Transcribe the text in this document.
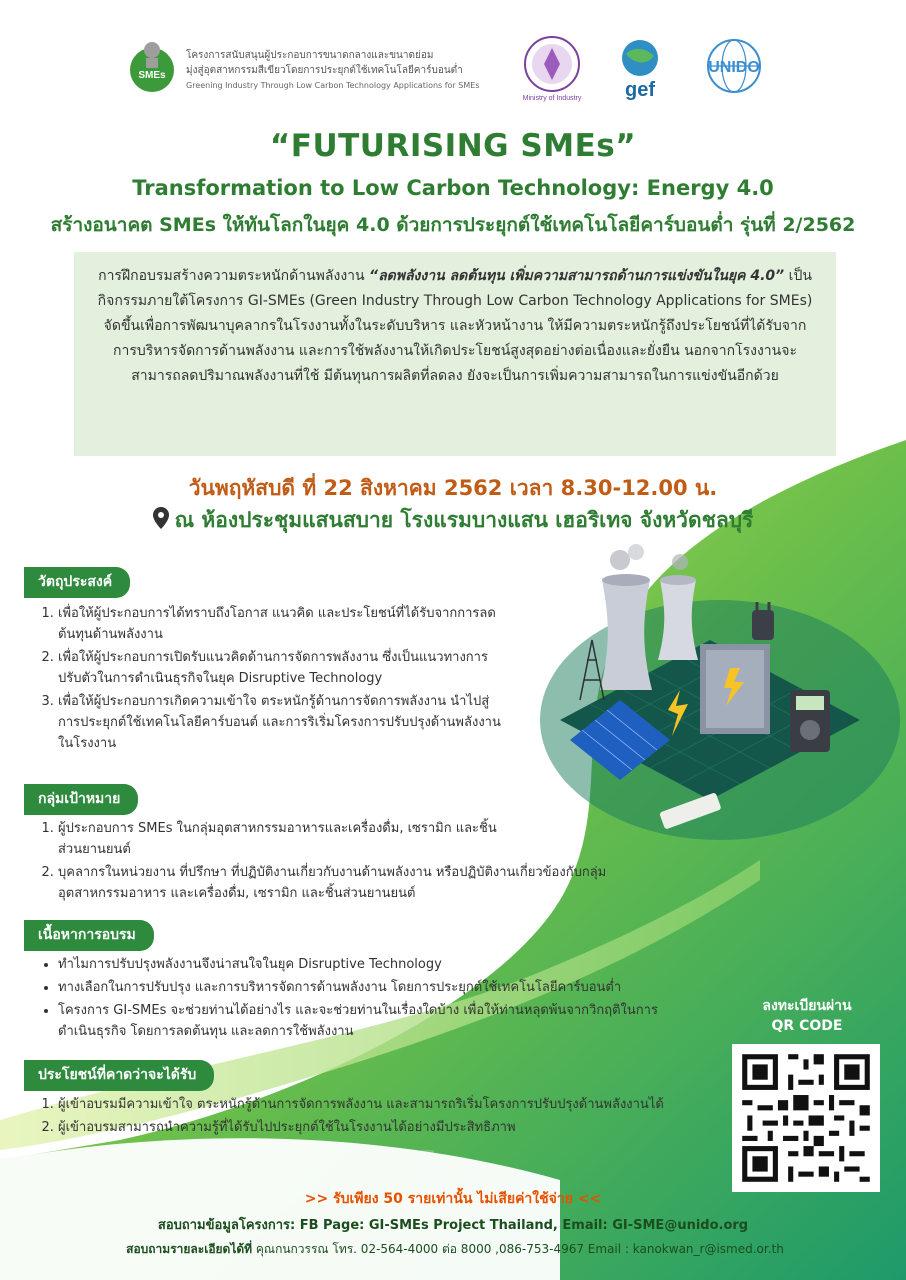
SMEs
โครงการสนับสนุนผู้ประกอบการขนาดกลางและขนาดย่อม
มุ่งสู่อุตสาหกรรมสีเขียวโดยการประยุกต์ใช้เทคโนโลยีคาร์บอนต่ำ
Greening Industry Through Low Carbon Technology Applications for SMEs
Ministry of Industry gef
UNIDO
“FUTURISING SMEs”
Transformation to Low Carbon Technology: Energy 4.0
สร้างอนาคต SMEs ให้ทันโลกในยุค 4.0 ด้วยการประยุกต์ใช้เทคโนโลยีคาร์บอนต่ำ รุ่นที่ 2/2562
การฝึกอบรมสร้างความตระหนักด้านพลังงาน “ลดพลังงาน ลดต้นทุน เพิ่มความสามารถด้านการแข่งขันในยุค 4.0” เป็นกิจกรรมภายใต้โครงการ GI-SMEs (Green Industry Through Low Carbon Technology Applications for SMEs) จัดขึ้นเพื่อการพัฒนาบุคลากรในโรงงานทั้งในระดับบริหาร และหัวหน้างาน ให้มีความตระหนักรู้ถึงประโยชน์ที่ได้รับจากการบริหารจัดการด้านพลังงาน และการใช้พลังงานให้เกิดประโยชน์สูงสุดอย่างต่อเนื่องและยั่งยืน นอกจากโรงงานจะสามารถลดปริมาณพลังงานที่ใช้ มีต้นทุนการผลิตที่ลดลง ยังจะเป็นการเพิ่มความสามารถในการแข่งขันอีกด้วย
วันพฤหัสบดี ที่ 22 สิงหาคม 2562 เวลา 8.30-12.00 น.
ณ ห้องประชุมแสนสบาย โรงแรมบางแสน เฮอริเทจ จังหวัดชลบุรี
วัตถุประสงค์
1. เพื่อให้ผู้ประกอบการได้ทราบถึงโอกาส แนวคิด และประโยชน์ที่ได้รับจากการลดต้นทุนด้านพลังงาน
2. เพื่อให้ผู้ประกอบการเปิดรับแนวคิดด้านการจัดการพลังงาน ซึ่งเป็นแนวทางการปรับตัวในการดำเนินธุรกิจในยุค Disruptive Technology
3. เพื่อให้ผู้ประกอบการเกิดความเข้าใจ ตระหนักรู้ด้านการจัดการพลังงาน นำไปสู่การประยุกต์ใช้เทคโนโลยีคาร์บอนต์ และการริเริ่มโครงการปรับปรุงด้านพลังงานในโรงงาน
กลุ่มเป้าหมาย
1. ผู้ประกอบการ SMEs ในกลุ่มอุตสาหกรรมอาหารและเครื่องดื่ม, เซรามิก และชิ้นส่วนยานยนต์
2. บุคลากรในหน่วยงาน ที่ปรึกษา ที่ปฏิบัติงานเกี่ยวกับงานด้านพลังงาน หรือปฏิบัติงานเกี่ยวข้องกับกลุ่มอุตสาหกรรมอาหาร และเครื่องดื่ม, เซรามิก และชิ้นส่วนยานยนต์
เนื้อหาการอบรม
• ทำไมการปรับปรุงพลังงานจึงน่าสนใจในยุค Disruptive Technology
• ทางเลือกในการปรับปรุง และการบริหารจัดการด้านพลังงาน โดยการประยุกต์ใช้เทคโนโลยีคาร์บอนต่ำ
• โครงการ GI-SMEs จะช่วยท่านได้อย่างไร และจะช่วยท่านในเรื่องใดบ้าง เพื่อให้ท่านหลุดพ้นจากวิกฤติในการดำเนินธุรกิจ โดยการลดต้นทุน และลดการใช้พลังงาน
ประโยชน์ที่คาดว่าจะได้รับ
1. ผู้เข้าอบรมมีความเข้าใจ ตระหนักรู้ด้านการจัดการพลังงาน และสามารถริเริ่มโครงการปรับปรุงด้านพลังงานได้
2. ผู้เข้าอบรมสามารถนำความรู้ที่ได้รับไปประยุกต์ใช้ในโรงงานได้อย่างมีประสิทธิภาพ
ลงทะเบียนผ่าน
QR CODE
>> รับเพียง 50 รายเท่านั้น ไม่เสียค่าใช้จ่าย <<
สอบถามข้อมูลโครงการ: FB Page: GI-SMEs Project Thailand, Email: GI-SME@unido.org
สอบถามรายละเอียดได้ที่ คุณกนกวรรณ โทร. 02-564-4000 ต่อ 8000 ,086-753-4967 Email : kanokwan_r@ismed.or.th
